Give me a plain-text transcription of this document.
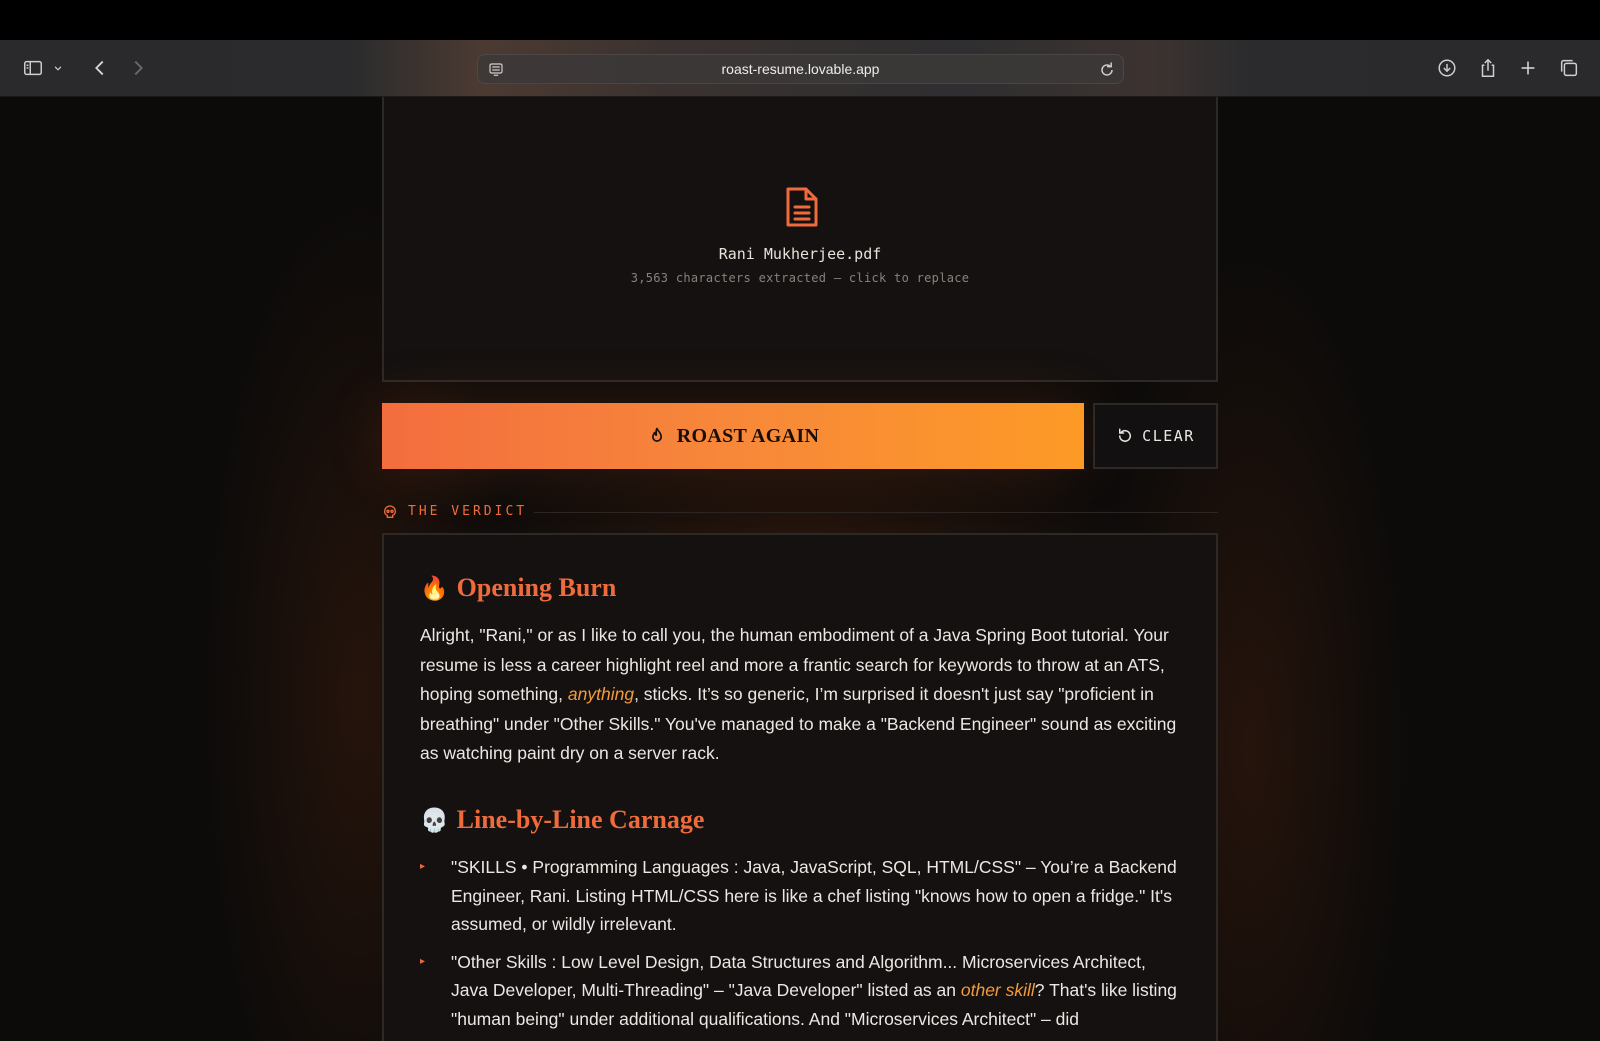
roast-resume.lovable.app
Rani Mukherjee.pdf
3,563 characters extracted — click to replace
ROAST AGAIN	CLEAR
THE VERDICT
🔥 Opening Burn

Alright, "Rani," or as I like to call you, the human embodiment of a Java Spring Boot tutorial. Your resume is less a career highlight reel and more a frantic search for keywords to throw at an ATS, hoping something, anything, sticks. It’s so generic, I’m surprised it doesn't just say "proficient in breathing" under "Other Skills." You've managed to make a "Backend Engineer" sound as exciting as watching paint dry on a server rack.

💀 Line-by-Line Carnage
▸ "SKILLS • Programming Languages : Java, JavaScript, SQL, HTML/CSS" – You’re a Backend Engineer, Rani. Listing HTML/CSS here is like a chef listing "knows how to open a fridge." It's assumed, or wildly irrelevant.
▸ "Other Skills : Low Level Design, Data Structures and Algorithm... Microservices Architect, Java Developer, Multi-Threading" – "Java Developer" listed as an other skill? That's like listing "human being" under additional qualifications. And "Microservices Architect" – did
